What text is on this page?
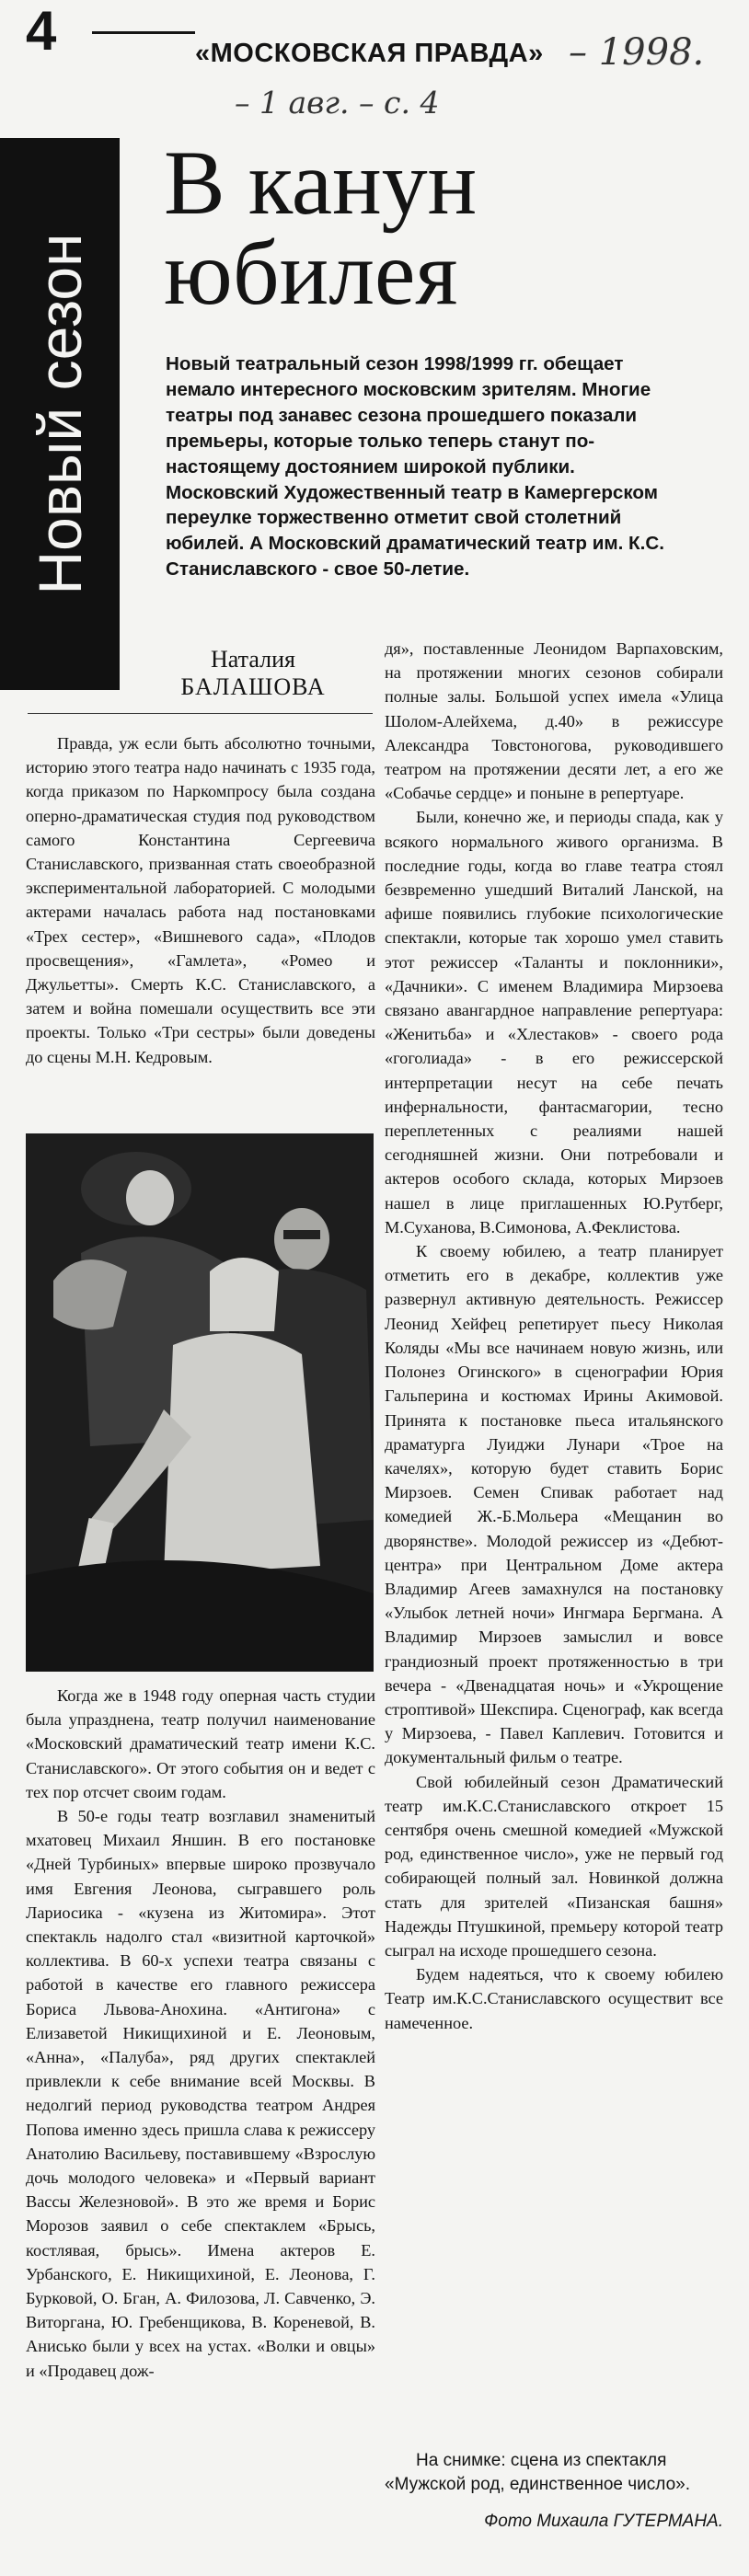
4	«МОСКОВСКАЯ ПРАВДА» – 1998.
– 1 авг. – с. 4
Новый сезон
В канун
юбилея

Новый театральный сезон 1998/1999 гг. обещает немало интересного московским зрителям. Многие театры под занавес сезона прошедшего показали премьеры, которые только теперь станут по-настоящему достоянием широкой публики. Московский Художественный театр в Камергерском переулке торжественно отметит свой столетний юбилей. А Московский драматический театр им. К.С. Станиславского - свое 50-летие.

Наталия
БАЛАШОВА

Правда, уж если быть абсолютно точными, историю этого театра надо начинать с 1935 года, когда приказом по Наркомпросу была создана оперно-драматическая студия под руководством самого Константина Сергеевича Станиславского, призванная стать своеобразной экспериментальной лабораторией. С молодыми актерами началась работа над постановками «Трех сестер», «Вишневого сада», «Плодов просвещения», «Гамлета», «Ромео и Джульетты». Смерть К.С. Станиславского, а затем и война помешали осуществить все эти проекты. Только «Три сестры» были доведены до сцены М.Н. Кедровым.

Когда же в 1948 году оперная часть студии была упразднена, театр получил наименование «Московский драматический театр имени К.С. Станиславского». От этого события он и ведет с тех пор отсчет своим годам.

В 50-е годы театр возглавил знаменитый мхатовец Михаил Яншин. В его постановке «Дней Турбиных» впервые широко прозвучало имя Евгения Леонова, сыгравшего роль Лариосика - «кузена из Житомира». Этот спектакль надолго стал «визитной карточкой» коллектива. В 60-х успехи театра связаны с работой в качестве его главного режиссера Бориса Львова-Анохина. «Антигона» с Елизаветой Никищихиной и Е. Леоновым, «Анна», «Палуба», ряд других спектаклей привлекли к себе внимание всей Москвы. В недолгий период руководства театром Андрея Попова именно здесь пришла слава к режиссеру Анатолию Васильеву, поставившему «Взрослую дочь молодого человека» и «Первый вариант Вассы Железновой». В это же время и Борис Морозов заявил о себе спектаклем «Брысь, костлявая, брысь». Имена актеров Е. Урбанского, Е. Никищихиной, Е. Леонова, Г. Бурковой, О. Бган, А. Филозова, Л. Савченко, Э. Виторгана, Ю. Гребенщикова, В. Кореневой, В. Анисько были у всех на устах. «Волки и овцы» и «Продавец дож-

дя», поставленные Леонидом Варпаховским, на протяжении многих сезонов собирали полные залы. Большой успех имела «Улица Шолом-Алейхема, д.40» в режиссуре Александра Товстоногова, руководившего театром на протяжении десяти лет, а его же «Собачье сердце» и поныне в репертуаре.

Были, конечно же, и периоды спада, как у всякого нормального живого организма. В последние годы, когда во главе театра стоял безвременно ушедший Виталий Ланской, на афише появились глубокие психологические спектакли, которые так хорошо умел ставить этот режиссер «Таланты и поклонники», «Дачники». С именем Владимира Мирзоева связано авангардное направление репертуара: «Женитьба» и «Хлестаков» - своего рода «гоголиада» - в его режиссерской интерпретации несут на себе печать инфернальности, фантасмагории, тесно переплетенных с реалиями нашей сегодняшней жизни. Они потребовали и актеров особого склада, которых Мирзоев нашел в лице приглашенных Ю.Рутберг, М.Суханова, В.Симонова, А.Феклистова.

К своему юбилею, а театр планирует отметить его в декабре, коллектив уже развернул активную деятельность. Режиссер Леонид Хейфец репетирует пьесу Николая Коляды «Мы все начинаем новую жизнь, или Полонез Огинского» в сценографии Юрия Гальперина и костюмах Ирины Акимовой. Принята к постановке пьеса итальянского драматурга Луиджи Лунари «Трое на качелях», которую будет ставить Борис Мирзоев. Семен Спивак работает над комедией Ж.-Б.Мольера «Мещанин во дворянстве». Молодой режиссер из «Дебют-центра» при Центральном Доме актера Владимир Агеев замахнулся на постановку «Улыбок летней ночи» Ингмара Бергмана. А Владимир Мирзоев замыслил и вовсе грандиозный проект протяженностью в три вечера - «Двенадцатая ночь» и «Укрощение строптивой» Шекспира. Сценограф, как всегда у Мирзоева, - Павел Каплевич. Готовится и документальный фильм о театре.

Свой юбилейный сезон Драматический театр им.К.С.Станиславского откроет 15 сентября очень смешной комедией «Мужской род, единственное число», уже не первый год собирающей полный зал. Новинкой должна стать для зрителей «Пизанская башня» Надежды Птушкиной, премьеру которой театр сыграл на исходе прошедшего сезона.

Будем надеяться, что к своему юбилею Театр им.К.С.Станиславского осуществит все намеченное.

На снимке: сцена из спектакля «Мужской род, единственное число».
Фото Михаила ГУТЕРМАНА.
